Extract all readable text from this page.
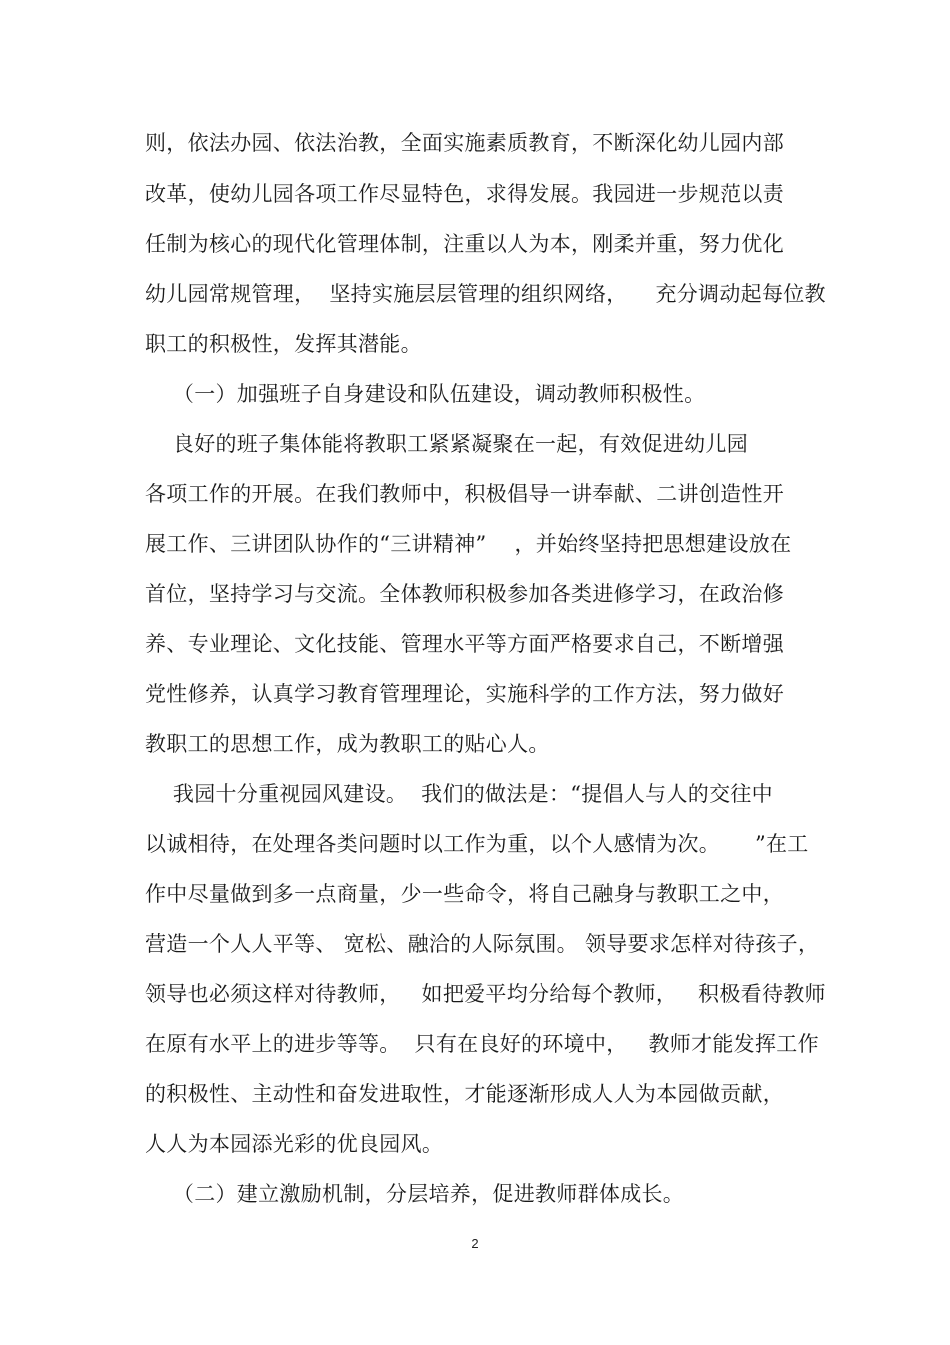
则，依法办园、依法治教，全面实施素质教育，不断深化幼儿园内部
改革，使幼儿园各项工作尽显特色，求得发展。我园进一步规范以责
任制为核心的现代化管理体制，注重以人为本，刚柔并重，努力优化
幼儿园常规管理，  坚持实施层层管理的组织网络，    充分调动起每位教
职工的积极性，发挥其潜能。
（一）加强班子自身建设和队伍建设，调动教师积极性。
良好的班子集体能将教职工紧紧凝聚在一起，有效促进幼儿园
各项工作的开展。在我们教师中，积极倡导一讲奉献、二讲创造性开
展工作、三讲团队协作的“三讲精神”    ，并始终坚持把思想建设放在
首位，坚持学习与交流。全体教师积极参加各类进修学习，在政治修
养、专业理论、文化技能、管理水平等方面严格要求自己，不断增强
党性修养，认真学习教育管理理论，实施科学的工作方法，努力做好
教职工的思想工作，成为教职工的贴心人。
我园十分重视园风建设。  我们的做法是：“提倡人与人的交往中
以诚相待，在处理各类问题时以工作为重，以个人感情为次。     ”在工
作中尽量做到多一点商量，少一些命令，将自己融身与教职工之中，
营造一个人人平等、 宽松、融洽的人际氛围。 领导要求怎样对待孩子，
领导也必须这样对待教师，   如把爱平均分给每个教师，   积极看待教师
在原有水平上的进步等等。  只有在良好的环境中，   教师才能发挥工作
的积极性、主动性和奋发进取性，才能逐渐形成人人为本园做贡献，
人人为本园添光彩的优良园风。
（二）建立激励机制，分层培养，促进教师群体成长。
2
